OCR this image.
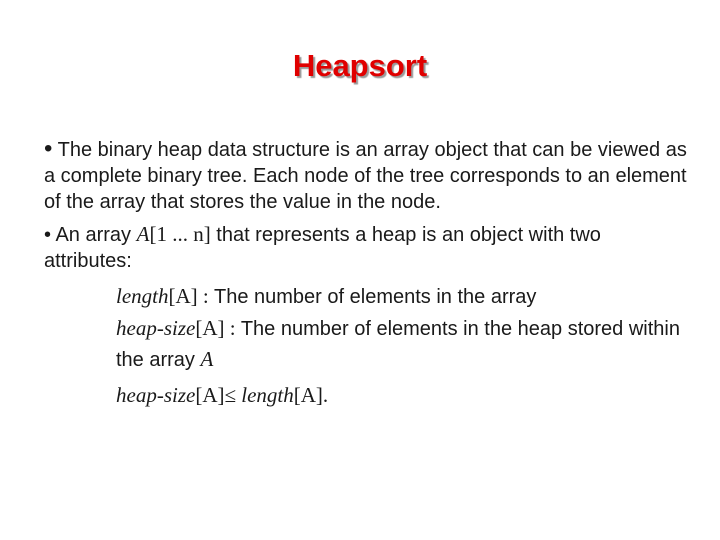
Heapsort

• The binary heap data structure is an array object that can be viewed as a complete binary tree. Each node of the tree corresponds to an element of the array that stores the value in the node.

• An array A[1 ... n] that represents a heap is an object with two attributes:

length[A] : The number of elements in the array
heap-size[A] : The number of elements in the heap stored within the array A
heap-size[A]≤ length[A].
